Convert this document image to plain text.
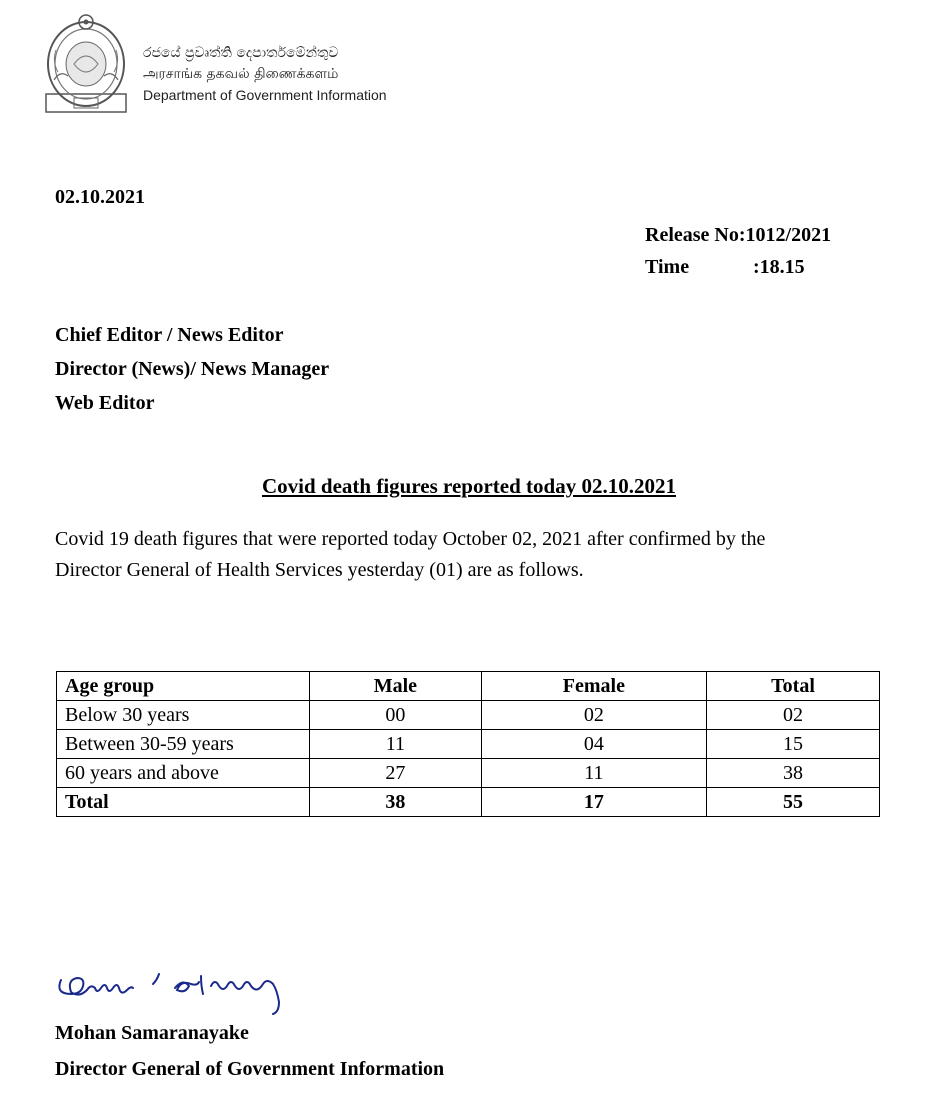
රජයේ ප්‍රවෘත්ති දෙපාර්තමේන්තුව
அரசாங்க தகவல் திணைக்களம்
Department of Government Information
02.10.2021
Release No:1012/2021
Time	:18.15
Chief Editor / News Editor
Director (News)/ News Manager
Web Editor
Covid death figures reported today 02.10.2021
Covid 19 death figures that were reported today October 02, 2021 after confirmed by the Director General of Health Services yesterday (01) are as follows.
Age group	Male	Female	Total
Below 30 years	00	02	02
Between 30-59 years	11	04	15
60 years and above	27	11	38
Total	38	17	55
Mohan Samaranayake
Director General of Government Information
